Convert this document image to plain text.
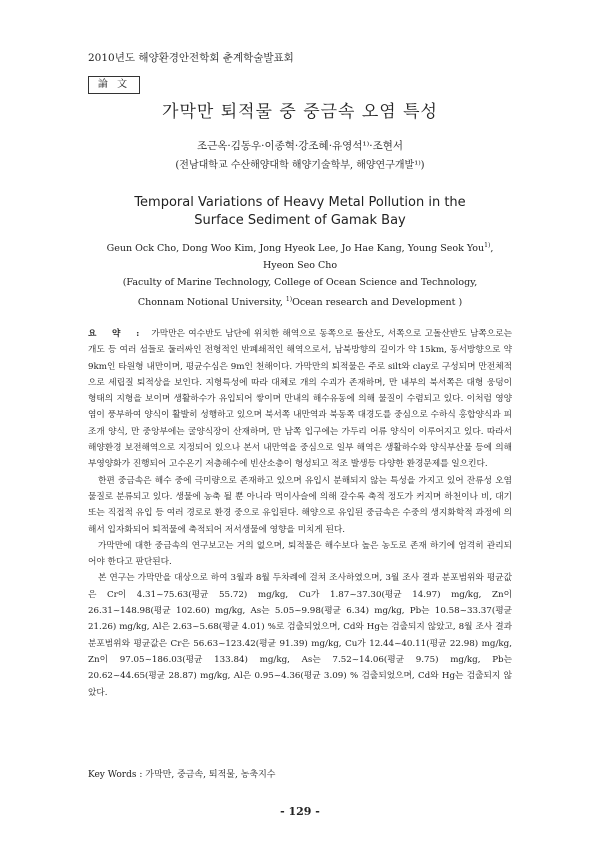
2010년도 해양환경안전학회 춘계학술발표회
論 文
가막만 퇴적물 중 중금속 오염 특성
조근옥·김동우·이종혁·강조혜·유영석¹⁾·조현서
(전남대학교 수산해양대학 해양기술학부, 해양연구개발¹⁾)
Temporal Variations of Heavy Metal Pollution in the Surface Sediment of Gamak Bay
Geun Ock Cho, Dong Woo Kim, Jong Hyeok Lee, Jo Hae Kang, Young Seok You$^{1)}$,
Hyeon Seo Cho
(Faculty of Marine Technology, College of Ocean Science and Technology,
Chonnam Notional University, $^{1)}$Ocean research and Development )

요 약 : 가막만은 여수반도 남단에 위치한 해역으로 동쪽으로 돌산도, 서쪽으로 고돌산반도 남쪽으로는 개도 등 여러 섬들로 둘러싸인 전형적인 반폐쇄적인 해역으로서, 남북방향의 길이가 약 15km, 동서방향으로 약 9km인 타원형 내만이며, 평균수심은 9m인 천해이다. 가막만의 퇴적물은 주로 silt와 clay로 구성되며 만전체적으로 세립질 퇴적상을 보인다. 지형특성에 따라 대체로 개의 수괴가 존재하며, 만 내부의 북서쪽은 대형 웅덩이 형태의 지형을 보이며 생활하수가 유입되어 쌓이며 만내의 해수유동에 의해 물질이 수렴되고 있다. 이처럼 영양염이 풍부하여 양식이 활발히 성행하고 있으며 북서쪽 내만역과 북동쪽 대경도를 중심으로 수하식 홍합양식과 피조개 양식, 만 중앙부에는 굴양식장이 산재하며, 만 남쪽 입구에는 가두리 어류 양식이 이루어지고 있다. 따라서 해양환경 보전해역으로 지정되어 있으나 본서 내만역을 중심으로 일부 해역은 생활하수와 양식부산물 등에 의해 부영양화가 진행되어 고수온기 저층해수에 빈산소층이 형성되고 적조 발생등 다양한 환경문제를 일으킨다.

한편 중금속은 해수 중에 극미량으로 존재하고 있으며 유입시 분해되지 않는 특성을 가지고 있어 잔류성 오염물질로 분류되고 있다. 생물에 농축 될 뿐 아니라 먹이사슬에 의해 갈수록 축적 정도가 커지며 하천이나 비, 대기 또는 직접적 유입 등 여러 경로로 환경 중으로 유입된다. 해양으로 유입된 중금속은 수중의 생지화학적 과정에 의해서 입자화되어 퇴적물에 축적되어 저서생물에 영향을 미치게 된다.

가막만에 대한 중금속의 연구보고는 거의 없으며, 퇴적물은 해수보다 높은 농도로 존재 하기에 엄격히 관리되어야 한다고 판단된다.

본 연구는 가막만을 대상으로 하여 3월과 8월 두차례에 걸쳐 조사하였으며, 3월 조사 결과 분포범위와 평균값은 Cr이 4.31~75.63(평균 55.72) mg/kg, Cu가 1.87~37.30(평균 14.97) mg/kg, Zn이 26.31~148.98(평균 102.60) mg/kg, As는 5.05~9.98(평균 6.34) mg/kg, Pb는 10.58~33.37(평균 21.26) mg/kg, Al은 2.63~5.68(평균 4.01) %로 검출되었으며, Cd와 Hg는 검출되지 않았고, 8월 조사 결과 분포범위와 평균값은 Cr은 56.63~123.42(평균 91.39) mg/kg, Cu가 12.44~40.11(평균 22.98) mg/kg, Zn이 97.05~186.03(평균 133.84) mg/kg, As는 7.52~14.06(평균 9.75) mg/kg, Pb는 20.62~44.65(평균 28.87) mg/kg, Al은 0.95~4.36(평균 3.09) % 검출되었으며, Cd와 Hg는 검출되지 않았다.

Key Words : 가막만, 중금속, 퇴적물, 농축지수
- 129 -
